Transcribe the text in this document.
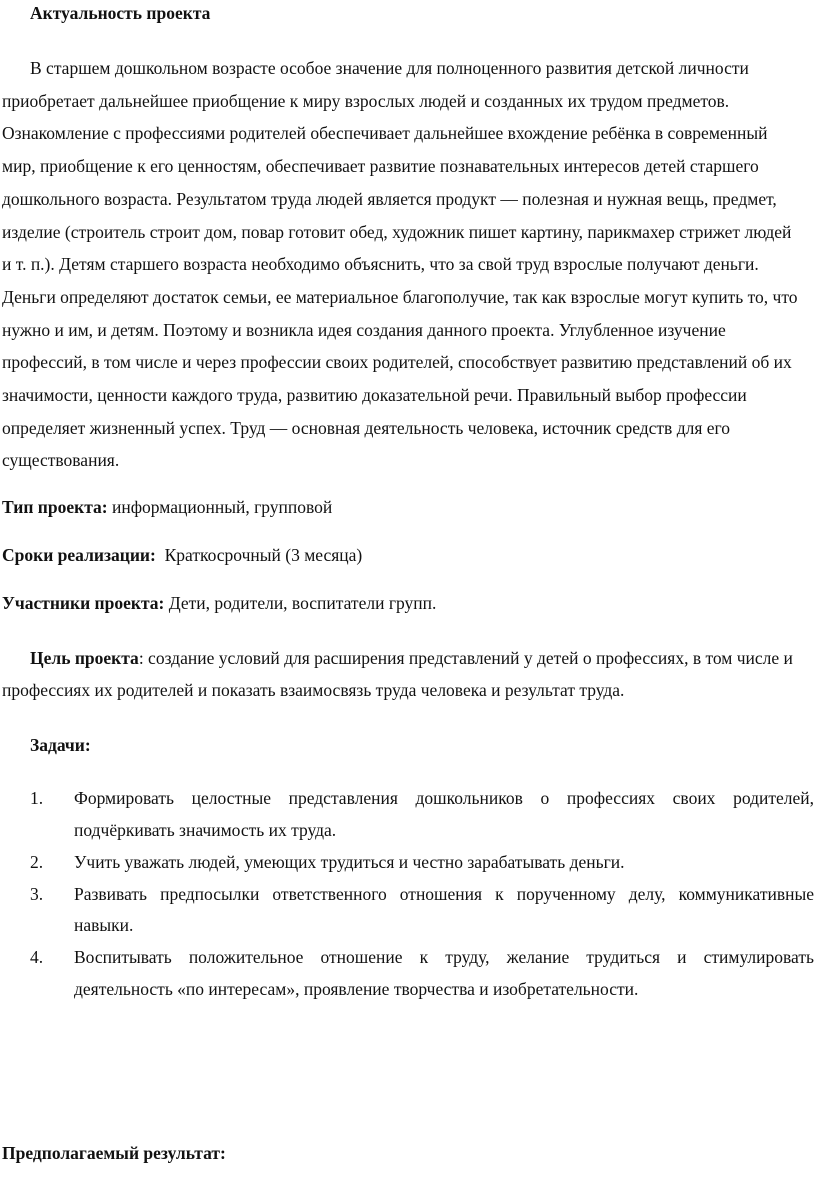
Актуальность проекта
В старшем дошкольном возрасте особое значение для полноценного развития детской личности приобретает дальнейшее приобщение к миру взрослых людей и созданных их трудом предметов. Ознакомление с профессиями родителей обеспечивает дальнейшее вхождение ребёнка в современный мир, приобщение к его ценностям, обеспечивает развитие познавательных интересов детей старшего дошкольного возраста. Результатом труда людей является продукт — полезная и нужная вещь, предмет, изделие (строитель строит дом, повар готовит обед, художник пишет картину, парикмахер стрижет людей и т. п.). Детям старшего возраста необходимо объяснить, что за свой труд взрослые получают деньги. Деньги определяют достаток семьи, ее материальное благополучие, так как взрослые могут купить то, что нужно и им, и детям. Поэтому и возникла идея создания данного проекта. Углубленное изучение профессий, в том числе и через профессии своих родителей, способствует развитию представлений об их значимости, ценности каждого труда, развитию доказательной речи. Правильный выбор профессии определяет жизненный успех. Труд — основная деятельность человека, источник средств для его существования.
Тип проекта: информационный, групповой
Сроки реализации: Краткосрочный (3 месяца)
Участники проекта: Дети, родители, воспитатели групп.
Цель проекта: создание условий для расширения представлений у детей о профессиях, в том числе и профессиях их родителей и показать взаимосвязь труда человека и результат труда.
Задачи:
1. Формировать целостные представления дошкольников о профессиях своих родителей, подчёркивать значимость их труда.
2. Учить уважать людей, умеющих трудиться и честно зарабатывать деньги.
3. Развивать предпосылки ответственного отношения к порученному делу, коммуникативные навыки.
4. Воспитывать положительное отношение к труду, желание трудиться и стимулировать деятельность «по интересам», проявление творчества и изобретательности.
Предполагаемый результат:
